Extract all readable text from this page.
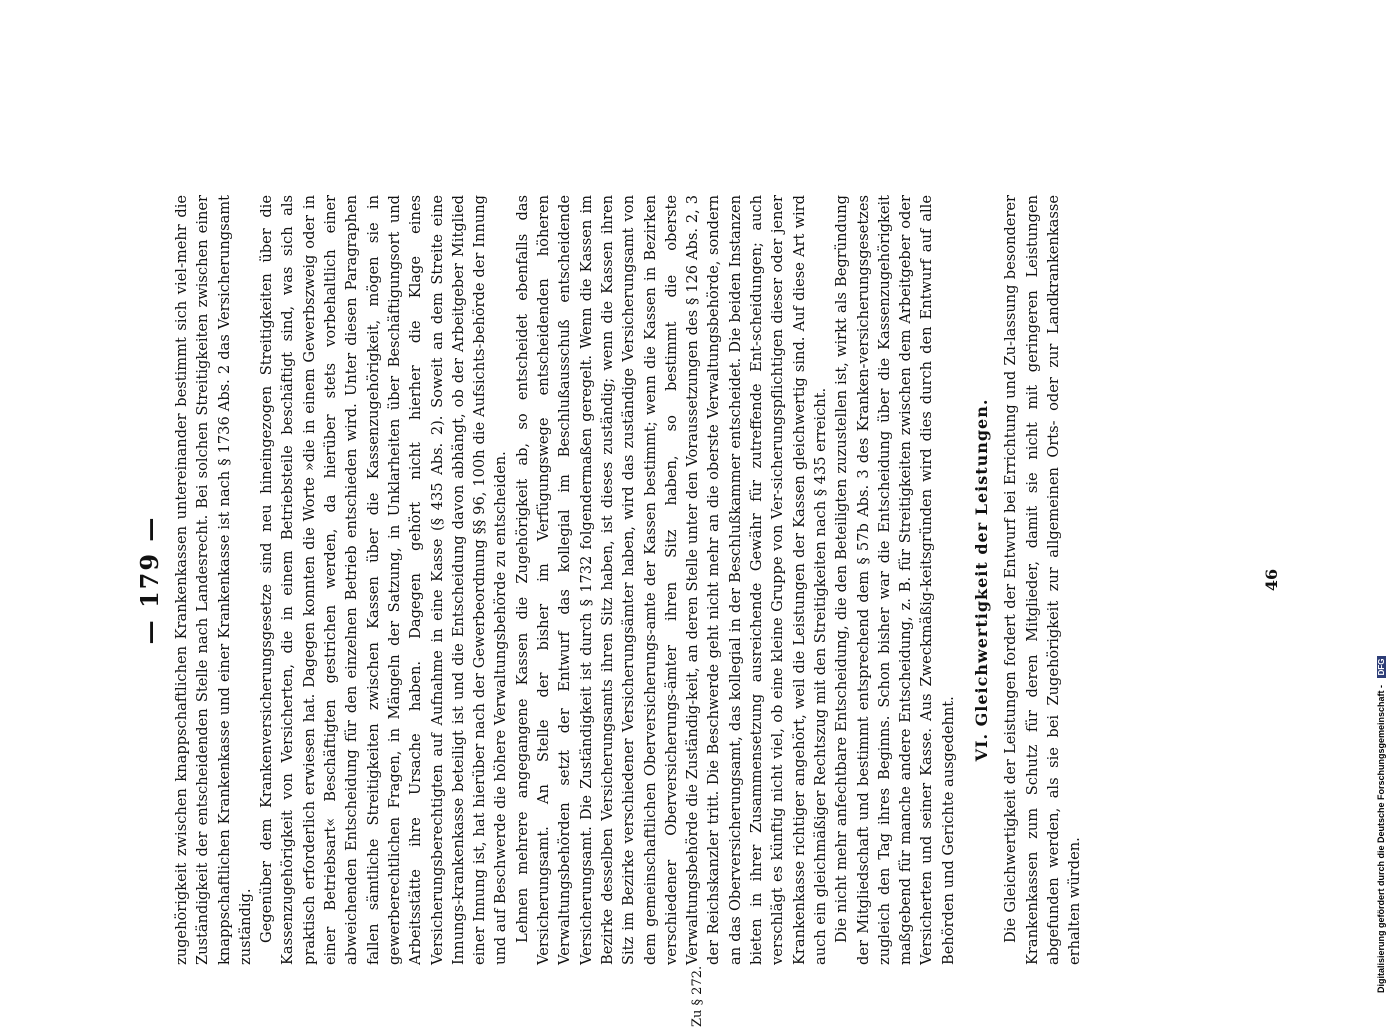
— 179 —
Zu § 272.

zugehörigkeit zwischen knappschaftlichen Krankenkassen untereinander bestimmt sich viel-mehr die Zuständigkeit der entscheidenden Stelle nach Landesrecht. Bei solchen Streitigkeiten zwischen einer knappschaftlichen Krankenkasse und einer Krankenkasse ist nach § 1736 Abs. 2 das Versicherungsamt zuständig. Gegenüber dem Krankenversicherungsgesetze sind neu hineingezogen Streitigkeiten über die Kassenzugehörigkeit von Versicherten, die in einem Betriebsteile beschäftigt sind, was sich als praktisch erforderlich erwiesen hat. Dagegen konnten die Worte »die in einem Gewerbszweig oder in einer Betriebsart« Beschäftigten gestrichen werden, da hierüber stets vorbehaltlich einer abweichenden Entscheidung für den einzelnen Betrieb entschieden wird. Unter diesen Paragraphen fallen sämtliche Streitigkeiten zwischen Kassen über die Kassenzugehörigkeit, mögen sie in gewerberechtlichen Fragen, in Mängeln der Satzung, in Unklarheiten über Beschäftigungsort und Arbeitsstätte ihre Ursache haben. Dagegen gehört nicht hierher die Klage eines Versicherungsberechtigten auf Aufnahme in eine Kasse (§ 435 Abs. 2). Soweit an dem Streite eine Innungs-krankenkasse beteiligt ist und die Entscheidung davon abhängt, ob der Arbeitgeber Mitglied einer Innung ist, hat hierüber nach der Gewerbeordnung §§ 96, 100h die Aufsichts-behörde der Innung und auf Beschwerde die höhere Verwaltungsbehörde zu entscheiden. Lehnen mehrere angegangene Kassen die Zugehörigkeit ab, so entscheidet ebenfalls das Versicherungsamt. An Stelle der bisher im Verfügungswege entscheidenden höheren Verwaltungsbehörden setzt der Entwurf das kollegial im Beschlußausschuß entscheidende Versicherungsamt. Die Zuständigkeit ist durch § 1732 folgendermaßen geregelt. Wenn die Kassen im Bezirke desselben Versicherungsamts ihren Sitz haben, ist dieses zuständig; wenn die Kassen ihren Sitz im Bezirke verschiedener Versicherungsämter haben, wird das zuständige Versicherungsamt von dem gemeinschaftlichen Oberversicherungs-amte der Kassen bestimmt; wenn die Kassen in Bezirken verschiedener Oberversicherungs-ämter ihren Sitz haben, so bestimmt die oberste Verwaltungsbehörde die Zuständig-keit, an deren Stelle unter den Voraussetzungen des § 126 Abs. 2, 3 der Reichskanzler tritt. Die Beschwerde geht nicht mehr an die oberste Verwaltungsbehörde, sondern an das Oberversicherungsamt, das kollegial in der Beschlußkammer entscheidet. Die beiden Instanzen bieten in ihrer Zusammensetzung ausreichende Gewähr für zutreffende Ent-scheidungen; auch verschlägt es künftig nicht viel, ob eine kleine Gruppe von Ver-sicherungspflichtigen dieser oder jener Krankenkasse richtiger angehört, weil die Leistungen der Kassen gleichwertig sind. Auf diese Art wird auch ein gleichmäßiger Rechtszug mit den Streitigkeiten nach § 435 erreicht. Die nicht mehr anfechtbare Entscheidung, die den Beteiligten zuzustellen ist, wirkt als Begründung der Mitgliedschaft und bestimmt entsprechend dem § 57b Abs. 3 des Kranken-versicherungsgesetzes zugleich den Tag ihres Beginns. Schon bisher war die Entscheidung über die Kassenzugehörigkeit maßgebend für manche andere Entscheidung, z. B. für Streitigkeiten zwischen dem Arbeitgeber oder Versicherten und seiner Kasse. Aus Zweckmäßig-keitsgründen wird dies durch den Entwurf auf alle Behörden und Gerichte ausgedehnt.

VI. Gleichwertigkeit der Leistungen. Die Gleichwertigkeit der Leistungen fordert der Entwurf bei Errichtung und Zu-lassung besonderer Krankenkassen zum Schutz für deren Mitglieder, damit sie nicht mit geringeren Leistungen abgefunden werden, als sie bei Zugehörigkeit zur allgemeinen Orts- oder zur Landkrankenkasse erhalten würden.

46
Digitalisierung gefördert durch die Deutsche Forschungsgemeinschaft - DFG
